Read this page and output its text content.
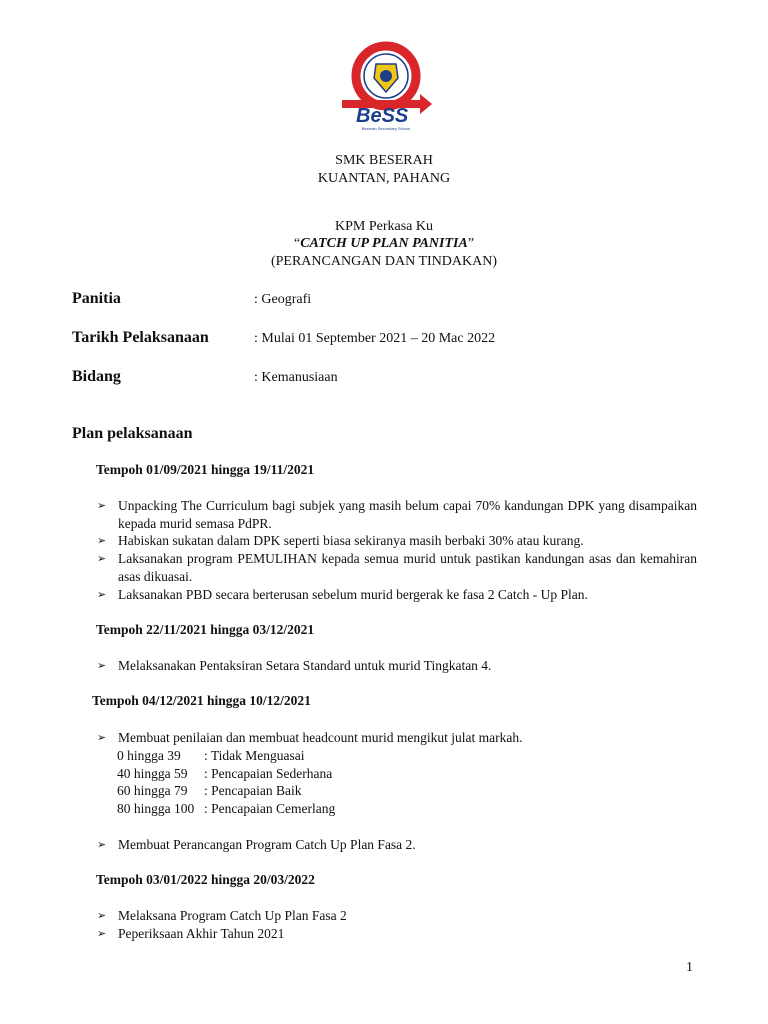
BeSS
Beserah Secondary School
SMK BESERAH
KUANTAN, PAHANG
KPM Perkasa Ku
“CATCH UP PLAN PANITIA”
(PERANCANGAN DAN TINDAKAN)
Panitia	: Geografi
Tarikh Pelaksanaan	: Mulai 01 September 2021 – 20 Mac 2022
Bidang	: Kemanusiaan
Plan pelaksanaan
Tempoh 01/09/2021 hingga 19/11/2021
➢ Unpacking The Curriculum bagi subjek yang masih belum capai 70% kandungan DPK yang disampaikan kepada murid semasa PdPR.
➢ Habiskan sukatan dalam DPK seperti biasa sekiranya masih berbaki 30% atau kurang.
➢ Laksanakan program PEMULIHAN kepada semua murid untuk pastikan kandungan asas dan kemahiran asas dikuasai.
➢ Laksanakan PBD secara berterusan sebelum murid bergerak ke fasa 2 Catch - Up Plan.
Tempoh 22/11/2021 hingga 03/12/2021
➢ Melaksanakan Pentaksiran Setara Standard untuk murid Tingkatan 4.
Tempoh 04/12/2021 hingga 10/12/2021
➢ Membuat penilaian dan membuat headcount murid mengikut julat markah.
0 hingga 39 : Tidak Menguasai
40 hingga 59 : Pencapaian Sederhana
60 hingga 79 : Pencapaian Baik
80 hingga 100 : Pencapaian Cemerlang
➢ Membuat Perancangan Program Catch Up Plan Fasa 2.
Tempoh 03/01/2022 hingga 20/03/2022
➢ Melaksana Program Catch Up Plan Fasa 2
➢ Peperiksaan Akhir Tahun 2021
1
